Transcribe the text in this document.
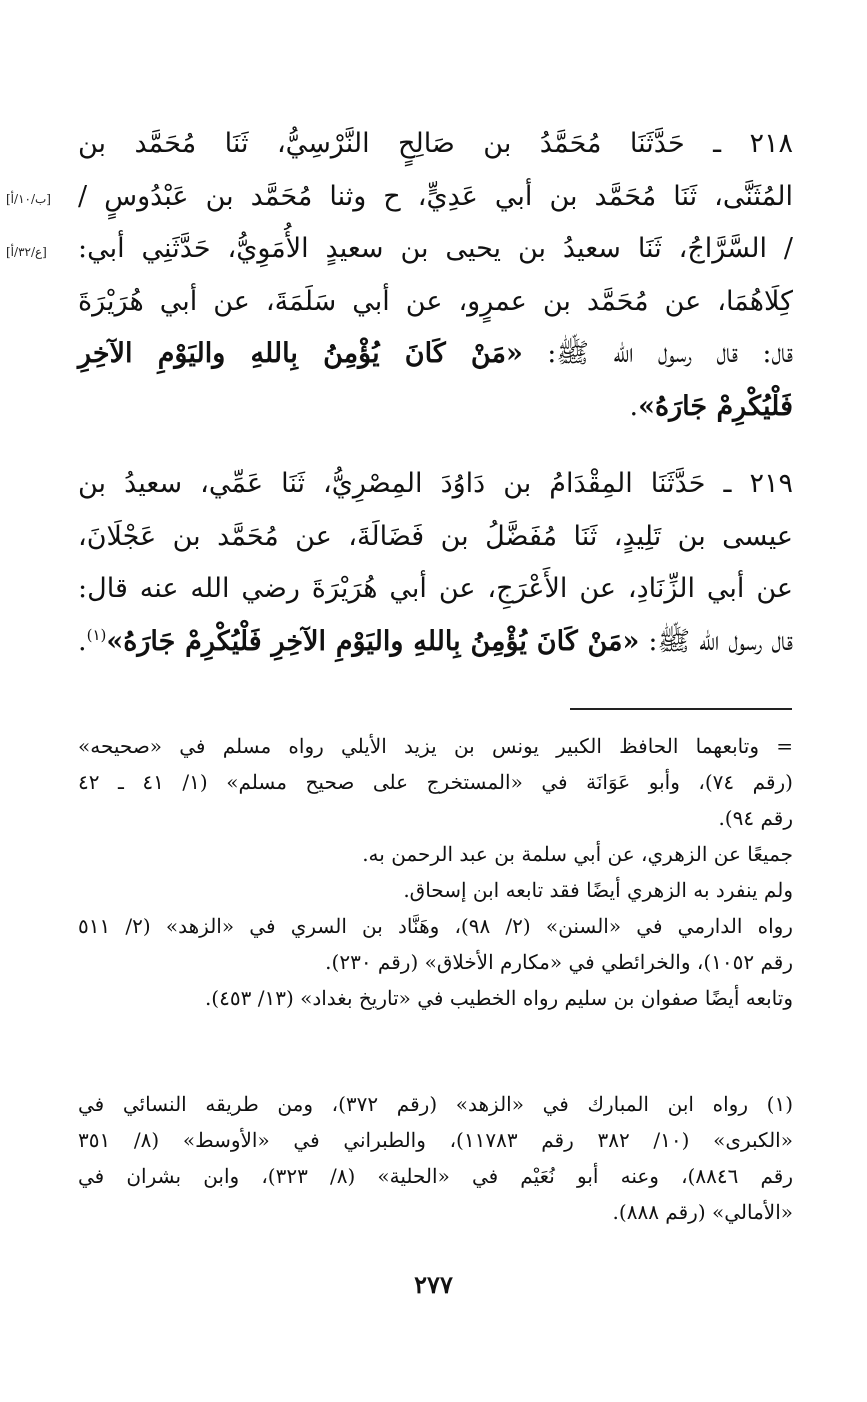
٢١٨ ـ حَدَّثَنَا مُحَمَّدُ بن صَالِحٍ النَّرْسِيُّ، ثَنَا مُحَمَّد بن
المُثَنَّى، ثَنَا مُحَمَّد بن أبي عَدِيٍّ، ح وثنا مُحَمَّد بن عَبْدُوسٍ /
/ السَّرَّاجُ، ثَنَا سعيدُ بن يحيى بن سعيدٍ الأُمَوِيُّ، حَدَّثَنِي أبي:
كِلَاهُمَا، عن مُحَمَّد بن عمرٍو، عن أبي سَلَمَةَ، عن أبي هُرَيْرَةَ
قال: قال رسول الله ﷺ: «مَنْ كَانَ يُؤْمِنُ بِاللهِ واليَوْمِ الآخِرِ
فَلْيُكْرِمْ جَارَهُ».
[ب/١٠/أ]
[ع/٣٢/أ]
٢١٩ ـ حَدَّثَنَا المِقْدَامُ بن دَاوُدَ المِصْرِيُّ، ثَنَا عَمِّي، سعيدُ بن
عيسى بن تَلِيدٍ، ثَنَا مُفَضَّلُ بن فَضَالَةَ، عن مُحَمَّد بن عَجْلَانَ،
عن أبي الزِّنَادِ، عن الأَعْرَجِ، عن أبي هُرَيْرَةَ رضي الله عنه قال:
قال رسول الله ﷺ: «مَنْ كَانَ يُؤْمِنُ بِاللهِ واليَوْمِ الآخِرِ فَلْيُكْرِمْ جَارَهُ»$^{(١)}$.
= وتابعهما الحافظ الكبير يونس بن يزيد الأيلي رواه مسلم في «صحيحه»
(رقم ٧٤)، وأبو عَوَانَة في «المستخرج على صحيح مسلم» (١/ ٤١ ـ ٤٢
رقم ٩٤).
جميعًا عن الزهري، عن أبي سلمة بن عبد الرحمن به.
ولم ينفرد به الزهري أيضًا فقد تابعه ابن إسحاق.
رواه الدارمي في «السنن» (٢/ ٩٨)، وهَنَّاد بن السري في «الزهد» (٢/ ٥١١
رقم ١٠٥٢)، والخرائطي في «مكارم الأخلاق» (رقم ٢٣٠).
وتابعه أيضًا صفوان بن سليم رواه الخطيب في «تاريخ بغداد» (١٣/ ٤٥٣).
(١) رواه ابن المبارك في «الزهد» (رقم ٣٧٢)، ومن طريقه النسائي في
«الكبرى» (١٠/ ٣٨٢ رقم ١١٧٨٣)، والطبراني في «الأوسط» (٨/ ٣٥١
رقم ٨٨٤٦)، وعنه أبو نُعَيْم في «الحلية» (٨/ ٣٢٣)، وابن بشران في
«الأمالي» (رقم ٨٨٨).
٢٧٧
